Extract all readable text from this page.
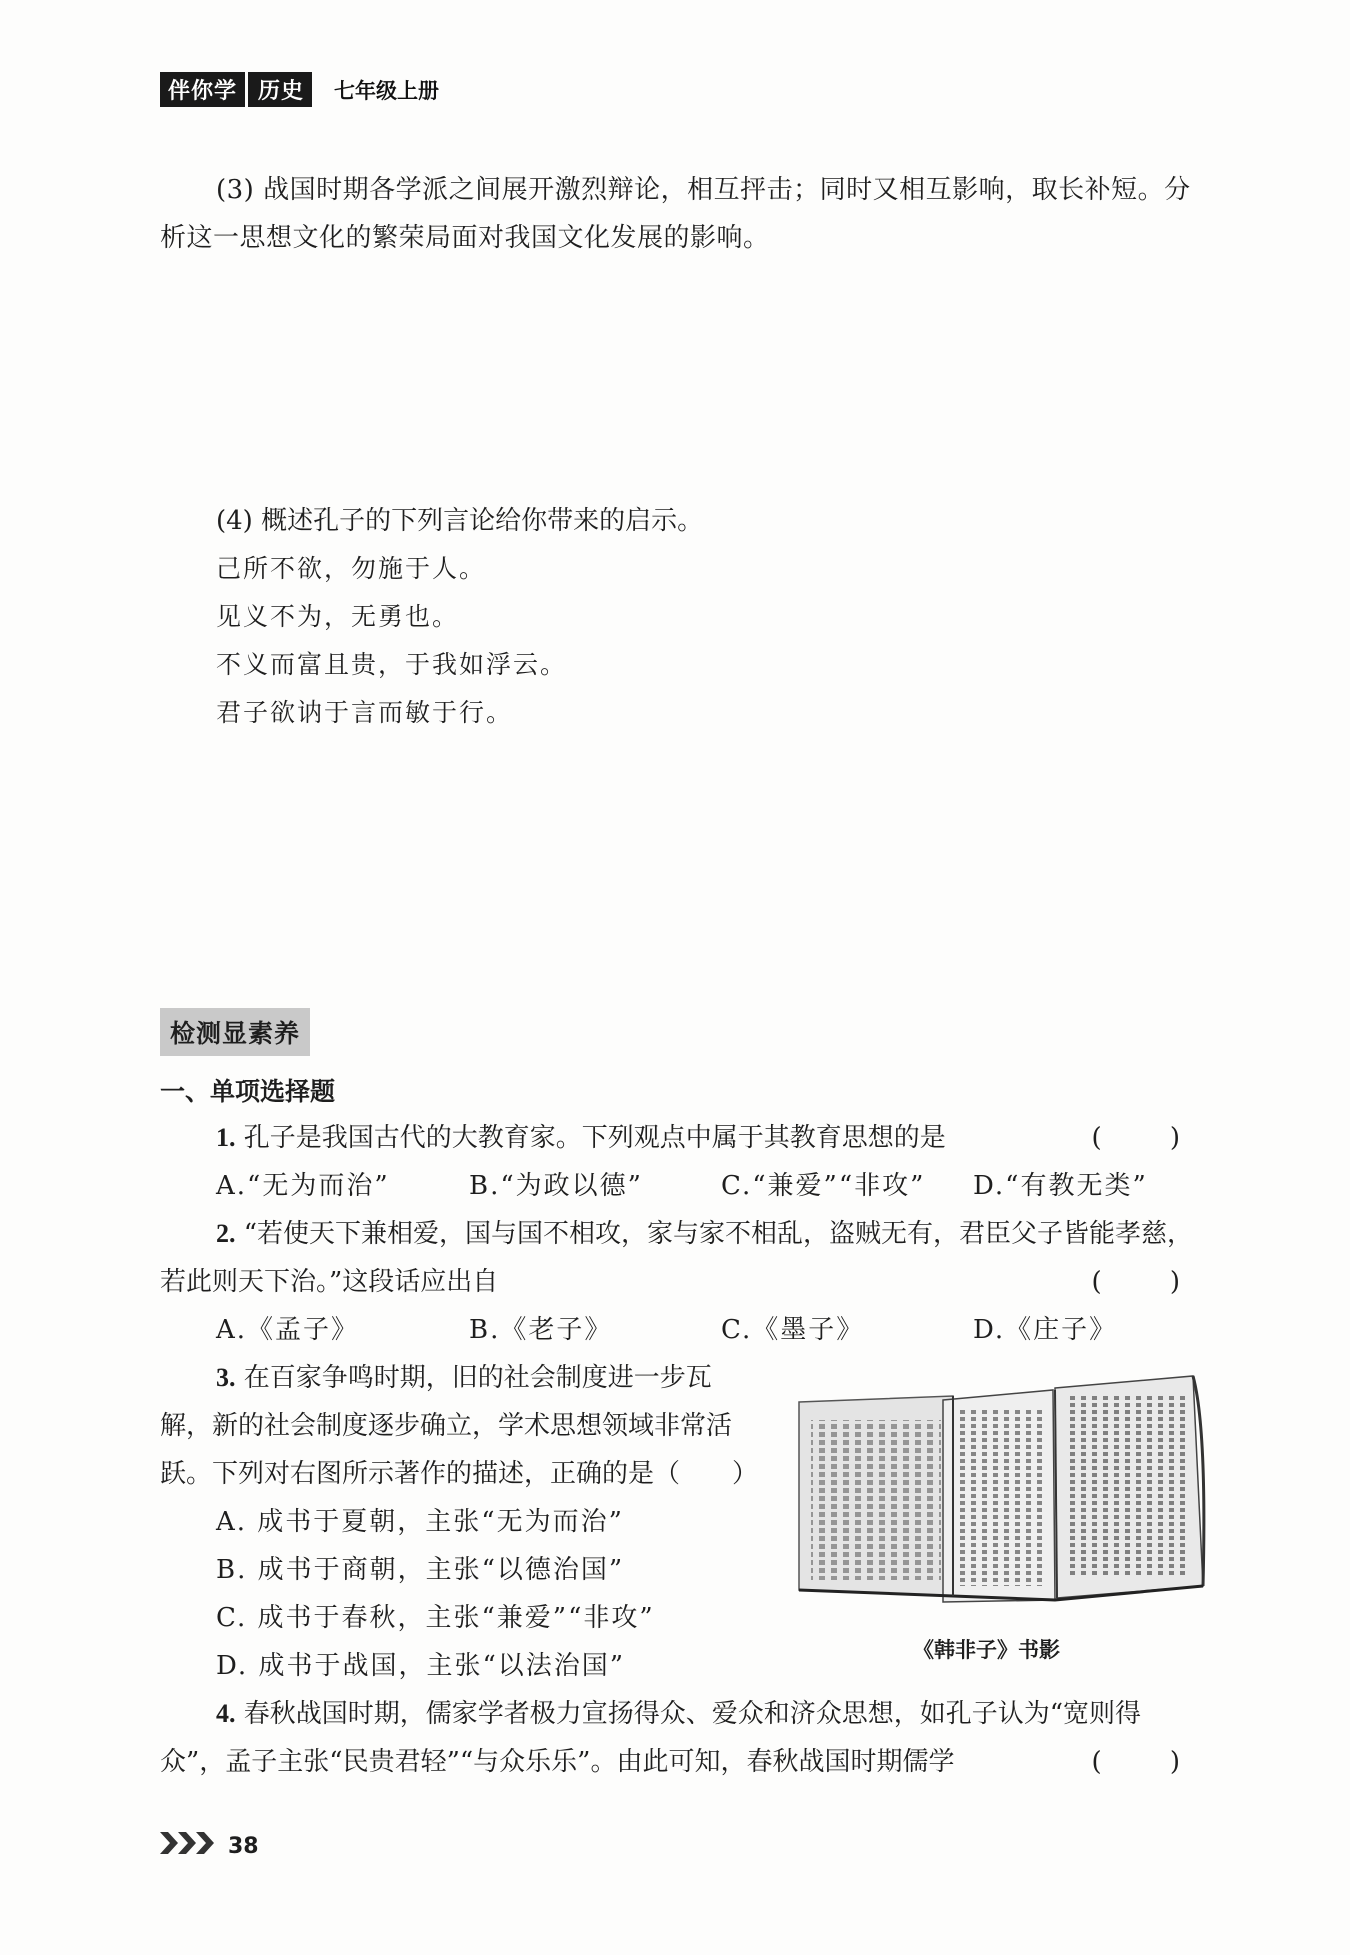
伴你学 历史	七年级上册
(3) 战国时期各学派之间展开激烈辩论，相互抨击；同时又相互影响，取长补短。分析这一思想文化的繁荣局面对我国文化发展的影响。
(4) 概述孔子的下列言论给你带来的启示。
己所不欲，勿施于人。
见义不为，无勇也。
不义而富且贵，于我如浮云。
君子欲讷于言而敏于行。
检测显素养
一、单项选择题
1. 孔子是我国古代的大教育家。下列观点中属于其教育思想的是	( )
A.“无为而治”	B.“为政以德”	C.“兼爱”“非攻” D.“有教无类”
2. “若使天下兼相爱，国与国不相攻，家与家不相乱，盗贼无有，君臣父子皆能孝慈，
若此则天下治。”这段话应出自	( )
A.《孟子》	B.《老子》	C.《墨子》	D.《庄子》
3. 在百家争鸣时期，旧的社会制度进一步瓦
解，新的社会制度逐步确立，学术思想领域非常活
跃。下列对右图所示著作的描述，正确的是（　　）
A. 成书于夏朝，主张“无为而治”
B. 成书于商朝，主张“以德治国”
C. 成书于春秋，主张“兼爱”“非攻”
D. 成书于战国，主张“以法治国”
《韩非子》书影
4. 春秋战国时期，儒家学者极力宣扬得众、爱众和济众思想，如孔子认为“宽则得
众”，孟子主张“民贵君轻”“与众乐乐”。由此可知，春秋战国时期儒学	( )
38
